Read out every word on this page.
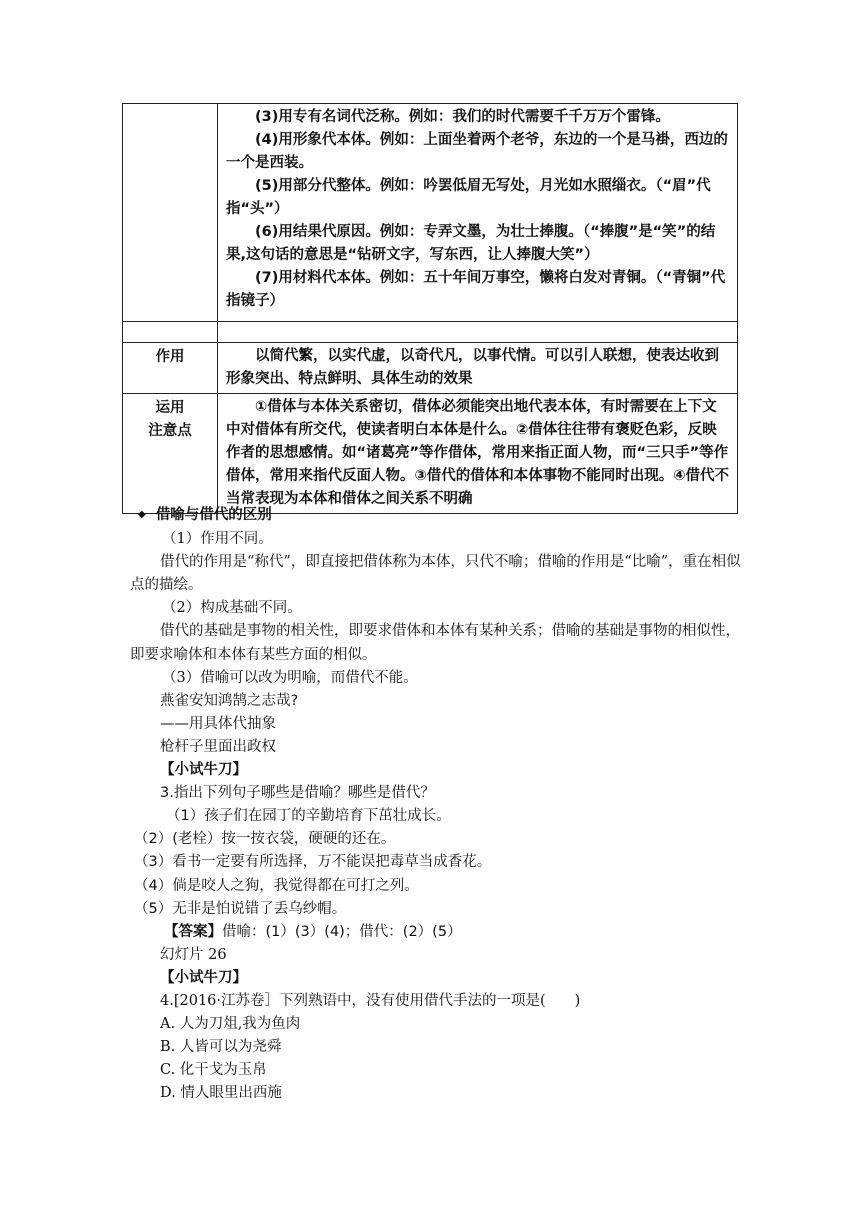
	(3)用专有名词代泛称。例如：我们的时代需要千千万万个雷锋。

(4)用形象代本体。例如：上面坐着两个老爷，东边的一个是马褂，西边的一个是西装。

(5)用部分代整体。例如：吟罢低眉无写处，月光如水照缁衣。（“眉”代指“头”）

(6)用结果代原因。例如：专弄文墨，为壮士捧腹。（“捧腹”是“笑”的结果,这句话的意思是“钻研文字，写东西，让人捧腹大笑”）

(7)用材料代本体。例如：五十年间万事空，懒将白发对青铜。（“青铜”代指镜子）

作用	以简代繁，以实代虚，以奇代凡，以事代情。可以引人联想，使表达收到形象突出、特点鲜明、具体生动的效果

运用
注意点	①借体与本体关系密切，借体必须能突出地代表本体，有时需要在上下文中对借体有所交代，使读者明白本体是什么。②借体往往带有褒贬色彩，反映作者的思想感情。如“诸葛亮”等作借体，常用来指正面人物，而“三只手”等作借体，常用来指代反面人物。③借代的借体和本体事物不能同时出现。④借代不当常表现为本体和借体之间关系不明确

◆ 借喻与借代的区别

（1）作用不同。

借代的作用是“称代”，即直接把借体称为本体，只代不喻；借喻的作用是“比喻”，重在相似点的描绘。

（2）构成基础不同。

借代的基础是事物的相关性，即要求借体和本体有某种关系；借喻的基础是事物的相似性，即要求喻体和本体有某些方面的相似。

（3）借喻可以改为明喻，而借代不能。

燕雀安知鸿鹄之志哉?

——用具体代抽象

枪杆子里面出政权

【小试牛刀】

3.指出下列句子哪些是借喻？哪些是借代？

（1）孩子们在园丁的辛勤培育下茁壮成长。

（2）(老栓）按一按衣袋，硬硬的还在。

（3）看书一定要有所选择，万不能误把毒草当成香花。

（4）倘是咬人之狗，我觉得都在可打之列。

（5）无非是怕说错了丢乌纱帽。

【答案】借喻：(1）(3）(4)；借代：(2）(5）

幻灯片 26

【小试牛刀】

4.[2016·江苏卷］下列熟语中，没有使用借代手法的一项是(　　)

A. 人为刀俎,我为鱼肉

B. 人皆可以为尧舜

C. 化干戈为玉帛

D. 情人眼里出西施
